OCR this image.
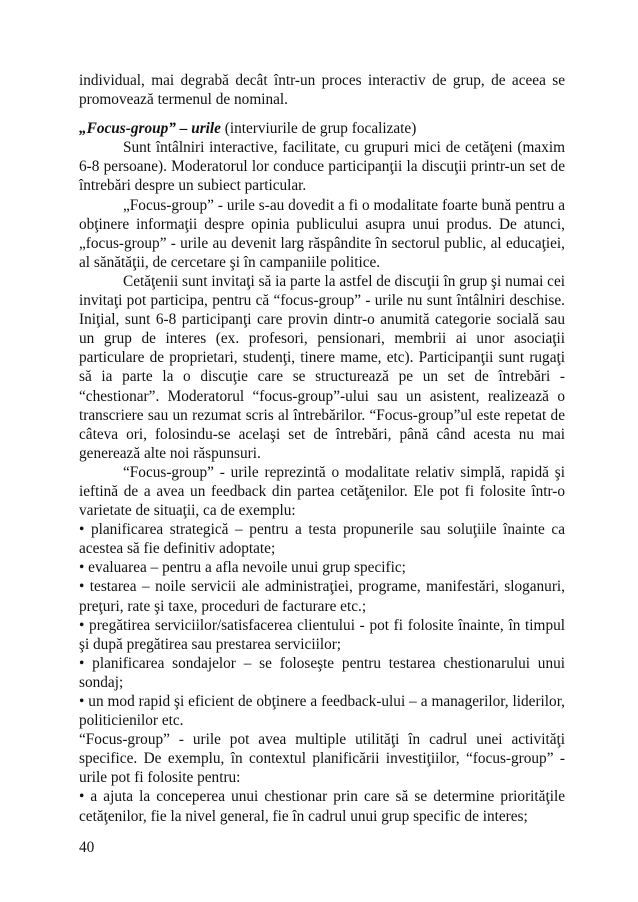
individual, mai degrabă decât într-un proces interactiv de grup, de aceea se promovează termenul de nominal.

„Focus-group” – urile (interviurile de grup focalizate)

Sunt întâlniri interactive, facilitate, cu grupuri mici de cetăţeni (maxim 6-8 persoane). Moderatorul lor conduce participanţii la discuţii printr-un set de întrebări despre un subiect particular.

„Focus-group” - urile s-au dovedit a fi o modalitate foarte bună pentru a obţinere informaţii despre opinia publicului asupra unui produs. De atunci, „focus-group” - urile au devenit larg răspândite în sectorul public, al educaţiei, al sănătăţii, de cercetare şi în campaniile politice.

Cetăţenii sunt invitaţi să ia parte la astfel de discuţii în grup şi numai cei invitaţi pot participa, pentru că “focus-group” - urile nu sunt întâlniri deschise. Iniţial, sunt 6-8 participanţi care provin dintr-o anumită categorie socială sau un grup de interes (ex. profesori, pensionari, membrii ai unor asociaţii particulare de proprietari, studenţi, tinere mame, etc). Participanţii sunt rugaţi să ia parte la o discuţie care se structurează pe un set de întrebări - “chestionar”. Moderatorul “focus-group”-ului sau un asistent, realizează o transcriere sau un rezumat scris al întrebărilor. “Focus-group”ul este repetat de câteva ori, folosindu-se acelaşi set de întrebări, până când acesta nu mai generează alte noi răspunsuri.

“Focus-group” - urile reprezintă o modalitate relativ simplă, rapidă şi ieftină de a avea un feedback din partea cetăţenilor. Ele pot fi folosite într-o varietate de situaţii, ca de exemplu:

• planificarea strategică – pentru a testa propunerile sau soluţiile înainte ca acestea să fie definitiv adoptate;

• evaluarea – pentru a afla nevoile unui grup specific;

• testarea – noile servicii ale administraţiei, programe, manifestări, sloganuri, preţuri, rate şi taxe, proceduri de facturare etc.;

• pregătirea serviciilor/satisfacerea clientului - pot fi folosite înainte, în timpul şi după pregătirea sau prestarea serviciilor;

• planificarea sondajelor – se foloseşte pentru testarea chestionarului unui sondaj;

• un mod rapid şi eficient de obţinere a feedback-ului – a managerilor, liderilor, politicienilor etc.

“Focus-group” - urile pot avea multiple utilităţi în cadrul unei activităţi specifice. De exemplu, în contextul planificării investiţiilor, “focus-group” - urile pot fi folosite pentru:

• a ajuta la conceperea unui chestionar prin care să se determine priorităţile cetăţenilor, fie la nivel general, fie în cadrul unui grup specific de interes;

40
